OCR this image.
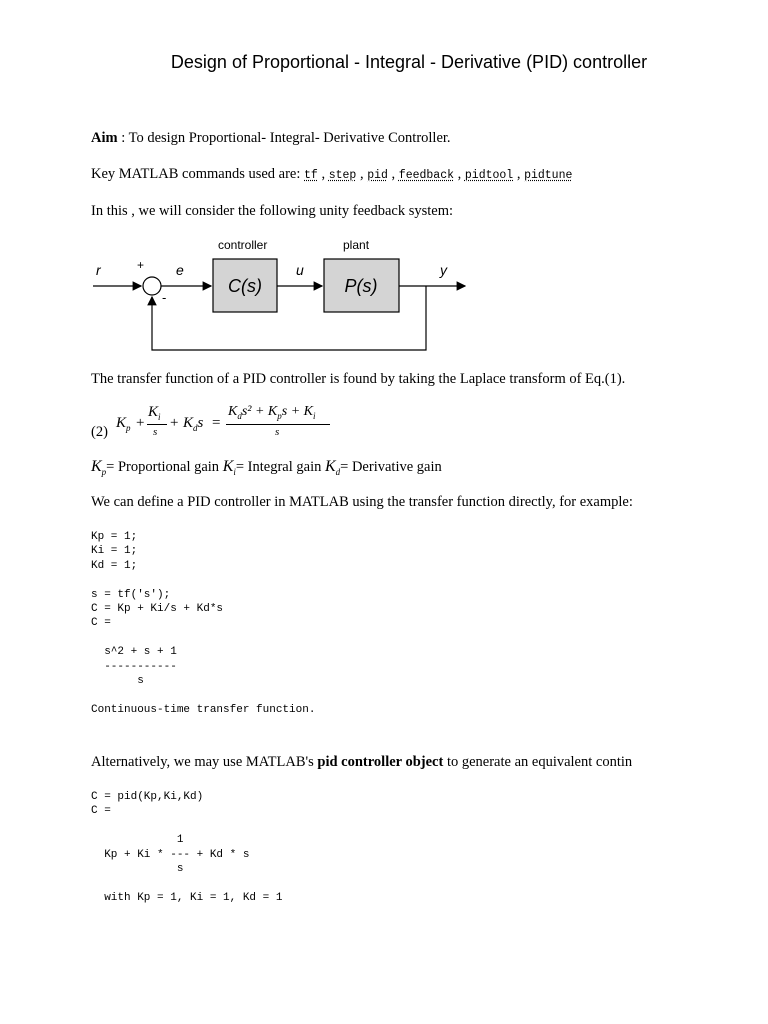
Design of Proportional - Integral - Derivative (PID) controller
Aim : To design Proportional- Integral- Derivative Controller.
Key MATLAB commands used are: tf , step , pid , feedback , pidtool , pidtune
In this , we will consider the following unity feedback system:
controller	plant
r	+
-
e	u	y
C(s)	P(s)
The transfer function of a PID controller is found by taking the Laplace transform of Eq.(1).
(2)
$K_p$ +
$K_i$
s
+ $K_ds$ =
$K_ds^2 + K_ps + K_i$
s
$K_p=$ Proportional gain $K_i=$ Integral gain $K_d=$ Derivative gain
We can define a PID controller in MATLAB using the transfer function directly, for example:
Kp = 1;
Ki = 1;
Kd = 1;

s = tf('s');
C = Kp + Ki/s + Kd*s
C =

s^2 + s + 1
-----------
s

Continuous-time transfer function.
Alternatively, we may use MATLAB's pid controller object to generate an equivalent contin
C = pid(Kp,Ki,Kd)
C =

1
Kp + Ki * --- + Kd * s
s

with Kp = 1, Ki = 1, Kd = 1
